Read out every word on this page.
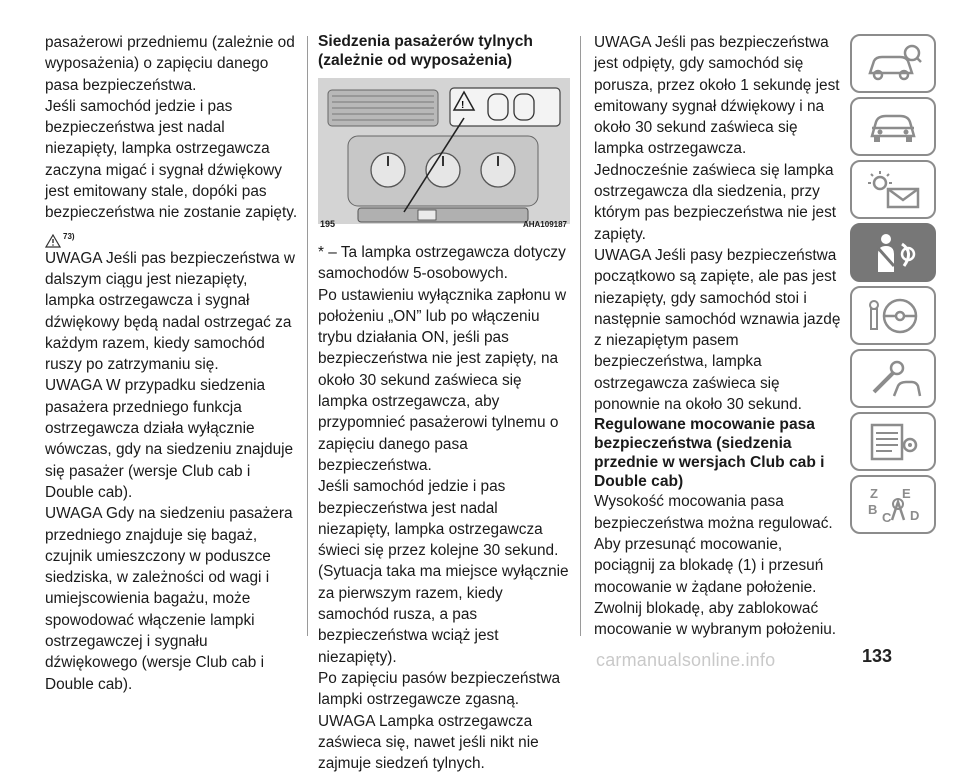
pasażerowi przedniemu (zależnie od wyposażenia) o zapięciu danego pasa bezpieczeństwa.

Jeśli samochód jedzie i pas bezpieczeństwa jest nadal niezapięty, lampka ostrzegawcza zaczyna migać i sygnał dźwiękowy jest emitowany stale, dopóki pas bezpieczeństwa nie zostanie zapięty.

73)

UWAGA Jeśli pas bezpieczeństwa w dalszym ciągu jest niezapięty, lampka ostrzegawcza i sygnał dźwiękowy będą nadal ostrzegać za każdym razem, kiedy samochód ruszy po zatrzymaniu się.

UWAGA W przypadku siedzenia pasażera przedniego funkcja ostrzegawcza działa wyłącznie wówczas, gdy na siedzeniu znajduje się pasażer (wersje Club cab i Double cab).

UWAGA Gdy na siedzeniu pasażera przedniego znajduje się bagaż, czujnik umieszczony w poduszce siedziska, w zależności od wagi i umiejscowienia bagażu, może spowodować włączenie lampki ostrzegawczej i sygnału dźwiękowego (wersje Club cab i Double cab).

Siedzenia pasażerów tylnych (zależnie od wyposażenia)
!
195	AHA109187

* – Ta lampka ostrzegawcza dotyczy samochodów 5-osobowych.

Po ustawieniu wyłącznika zapłonu w położeniu „ON” lub po włączeniu trybu działania ON, jeśli pas bezpieczeństwa nie jest zapięty, na około 30 sekund zaświeca się lampka ostrzegawcza, aby przypomnieć pasażerowi tylnemu o zapięciu danego pasa bezpieczeństwa.

Jeśli samochód jedzie i pas bezpieczeństwa jest nadal niezapięty, lampka ostrzegawcza świeci się przez kolejne 30 sekund. (Sytuacja taka ma miejsce wyłącznie za pierwszym razem, kiedy samochód rusza, a pas bezpieczeństwa wciąż jest niezapięty).

Po zapięciu pasów bezpieczeństwa lampki ostrzegawcze zgasną.

UWAGA Lampka ostrzegawcza zaświeca się, nawet jeśli nikt nie zajmuje siedzeń tylnych.

UWAGA Jeśli pas bezpieczeństwa jest odpięty, gdy samochód się porusza, przez około 1 sekundę jest emitowany sygnał dźwiękowy i na około 30 sekund zaświeca się lampka ostrzegawcza. Jednocześnie zaświeca się lampka ostrzegawcza dla siedzenia, przy którym pas bezpieczeństwa nie jest zapięty.

UWAGA Jeśli pasy bezpieczeństwa początkowo są zapięte, ale pas jest niezapięty, gdy samochód stoi i następnie samochód wznawia jazdę z niezapiętym pasem bezpieczeństwa, lampka ostrzegawcza zaświeca się ponownie na około 30 sekund.

Regulowane mocowanie pasa bezpieczeństwa (siedzenia przednie w wersjach Club cab i Double cab)

Wysokość mocowania pasa bezpieczeństwa można regulować. Aby przesunąć mocowanie, pociągnij za blokadę (1) i przesuń mocowanie w żądane położenie. Zwolnij blokadę, aby zablokować mocowanie w wybranym położeniu.

Z E
B
C D
carmanualsonline.info	133
